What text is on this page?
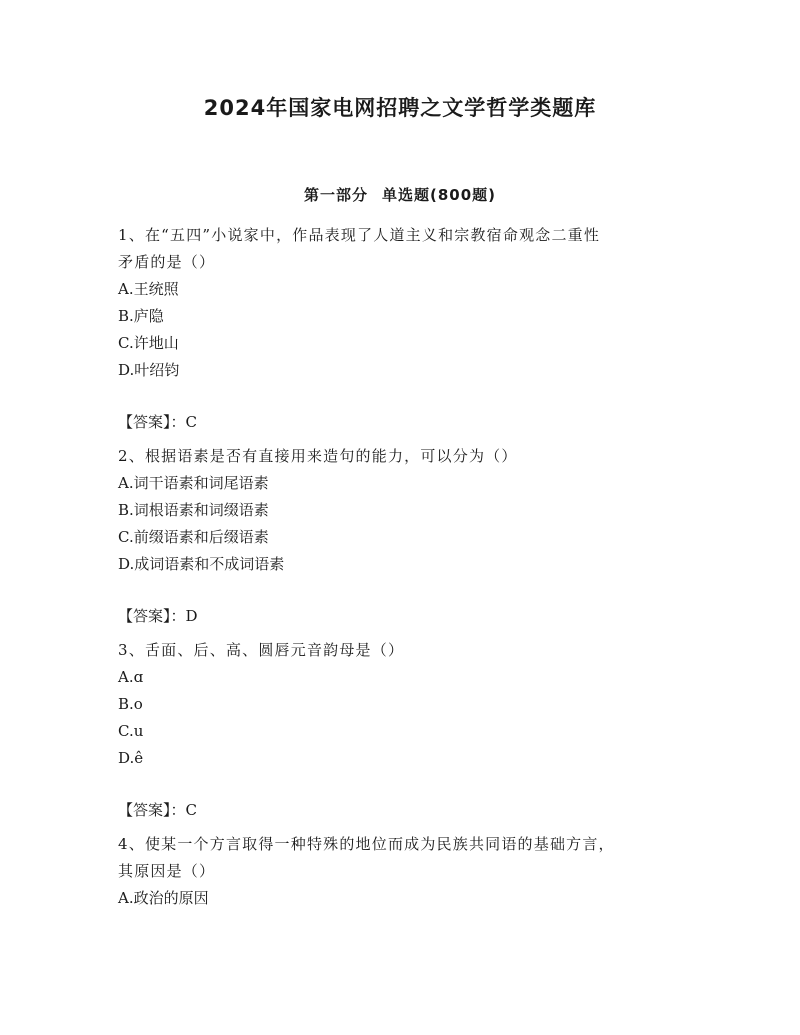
2024年国家电网招聘之文学哲学类题库
第一部分 单选题(800题)
1、在“五四”小说家中，作品表现了人道主义和宗教宿命观念二重性
矛盾的是（）
A.王统照
B.庐隐
C.许地山
D.叶绍钧
【答案】：C
2、根据语素是否有直接用来造句的能力，可以分为（）
A.词干语素和词尾语素
B.词根语素和词缀语素
C.前缀语素和后缀语素
D.成词语素和不成词语素
【答案】：D
3、舌面、后、高、圆唇元音韵母是（）
A.ɑ
B.o
C.u
D.ê
【答案】：C
4、使某一个方言取得一种特殊的地位而成为民族共同语的基础方言，
其原因是（）
A.政治的原因
